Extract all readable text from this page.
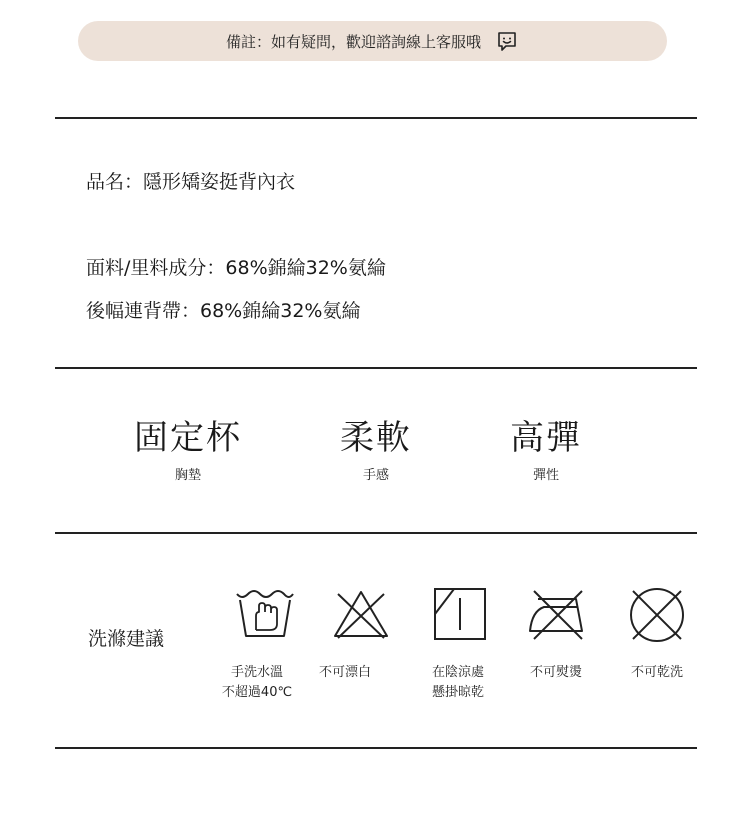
備註：如有疑問，歡迎諮詢線上客服哦
品名：隱形矯姿挺背內衣
面料/里料成分：68%錦綸32%氨綸
後幅連背帶：68%錦綸32%氨綸
固定杯
胸墊
柔軟
手感
高彈
彈性
洗滌建議
手洗水溫
不超過40℃
不可漂白	在陰涼處
懸掛晾乾
不可熨燙	不可乾洗
